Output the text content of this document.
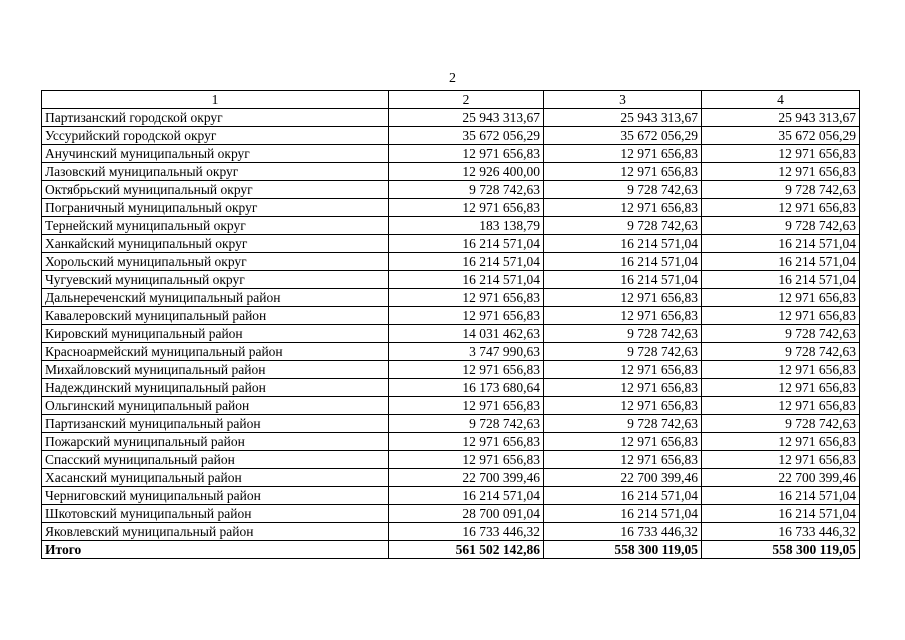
2
1	2	3	4
Партизанский городской округ	25 943 313,67	25 943 313,67	25 943 313,67
Уссурийский городской округ	35 672 056,29	35 672 056,29	35 672 056,29
Анучинский муниципальный округ	12 971 656,83	12 971 656,83	12 971 656,83
Лазовский муниципальный округ	12 926 400,00	12 971 656,83	12 971 656,83
Октябрьский муниципальный округ	9 728 742,63	9 728 742,63	9 728 742,63
Пограничный муниципальный округ	12 971 656,83	12 971 656,83	12 971 656,83
Тернейский муниципальный округ	183 138,79	9 728 742,63	9 728 742,63
Ханкайский муниципальный округ	16 214 571,04	16 214 571,04	16 214 571,04
Хорольский муниципальный округ	16 214 571,04	16 214 571,04	16 214 571,04
Чугуевский муниципальный округ	16 214 571,04	16 214 571,04	16 214 571,04
Дальнереченский муниципальный район	12 971 656,83	12 971 656,83	12 971 656,83
Кавалеровский муниципальный район	12 971 656,83	12 971 656,83	12 971 656,83
Кировский муниципальный район	14 031 462,63	9 728 742,63	9 728 742,63
Красноармейский муниципальный район	3 747 990,63	9 728 742,63	9 728 742,63
Михайловский муниципальный район	12 971 656,83	12 971 656,83	12 971 656,83
Надеждинский муниципальный район	16 173 680,64	12 971 656,83	12 971 656,83
Ольгинский муниципальный район	12 971 656,83	12 971 656,83	12 971 656,83
Партизанский муниципальный район	9 728 742,63	9 728 742,63	9 728 742,63
Пожарский муниципальный район	12 971 656,83	12 971 656,83	12 971 656,83
Спасский муниципальный район	12 971 656,83	12 971 656,83	12 971 656,83
Хасанский муниципальный район	22 700 399,46	22 700 399,46	22 700 399,46
Черниговский муниципальный район	16 214 571,04	16 214 571,04	16 214 571,04
Шкотовский муниципальный район	28 700 091,04	16 214 571,04	16 214 571,04
Яковлевский муниципальный район	16 733 446,32	16 733 446,32	16 733 446,32
Итого	561 502 142,86	558 300 119,05	558 300 119,05
